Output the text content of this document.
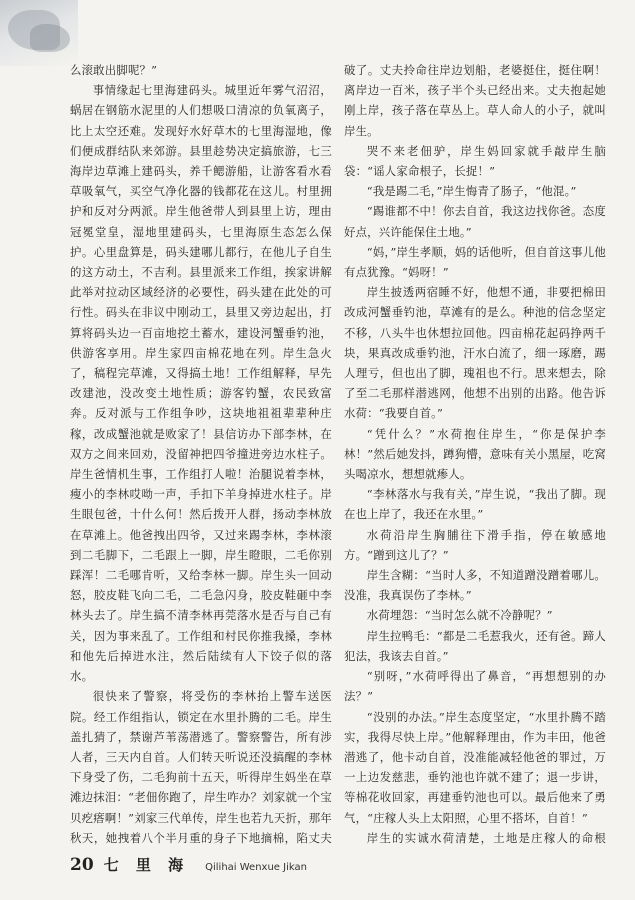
么滚敢出脚呢？”

事情缘起七里海建码头。城里近年雾气沼沼，蜗居在钢筋水泥里的人们想吸口清凉的负氧离子，比上太空还难。发现好水好草木的七里海湿地，像们便成群结队来郊游。县里趁势决定搞旅游，七三海岸边草滩上建码头，养千鳃游船，让游客看水看草吸氧气，买空气净化器的钱都花在这儿。村里拥护和反对分两派。岸生他爸带人到县里上访，理由冠冕堂皇，湿地里建码头，七里海原生态怎么保护。心里盘算是，码头建哪儿都行，在他儿子自生的这方动土，不吉利。县里派来工作组，挨家讲解此举对拉动区域经济的必要性，码头建在此处的可行性。码头在非议中刚动工，县里又旁边起出，打算将码头边一百亩地挖土蓄水，建设河蟹垂钓池，供游客享用。岸生家四亩棉花地在列。岸生急火了，稿程完草滩，又得搞土地！工作组解释，早先改建池，没改变土地性质；游客钓蟹，农民致富奔。反对派与工作组争吵，这块地祖祖辈辈种庄稼，改成蟹池就是败家了！县信访办下部李林，在双方之间来回劝，没留神把四爷撞进旁边水柱子。岸生爸情机生事，工作组打人啦！治腿说着李林，瘦小的李林哎呦一声，手扣下羊身掉进水柱子。岸生眼包爸，十什么何！然后拨开人群，扬动李林放在草滩上。他爸拽出四爷，又过来踢李林，李林滚到二毛脚下，二毛跟上一脚，岸生瞪眼，二毛你别踩浑！二毛哪肯听，又给李林一脚。岸生头一回动怒，胶皮鞋飞向二毛，二毛急闪身，胶皮鞋砸中李林头去了。岸生搞不清李林再莞落水是否与自己有关，因为事来乱了。工作组和村民你推我搡，李林和他先后掉进水注，然后陆续有人下饺子似的落水。

很快来了警察，将受伤的李林抬上警车送医院。经工作组指认，锁定在水里扑腾的二毛。岸生盖扎猜了，禁谢芦苇荡潜逃了。警察警告，所有涉人者，三天内自首。人们转天听说还没搞醒的李林下身受了伤，二毛狗前十五天，听得岸生妈坐在草滩边抹泪：“老佃你跑了，岸生咋办？刘家就一个宝贝疙瘩啊！”刘家三代单传，岸生也若九天折，那年秋天，她拽着八个半月重的身子下地摘棉，陷丈夫

破了。丈夫拎命往岸边划船，老婆挺住，挺住啊！离岸边一百米，孩子半个头已经出来。丈夫抱起她刚上岸，孩子落在草丛上。草人命人的小子，就叫岸生。

哭不来老佃驴，岸生妈回家就手敲岸生脑袋：“谣人家命根子，长捉！”

“我是踢二毛，”岸生悔青了肠子，“他混。”

“踢谁都不中！你去自首，我这边找你爸。态度好点，兴许能保住土地。”

“妈，”岸生孝顺，妈的话他听，但自首这事儿他有点犹豫。“妈呀！”

岸生披透两宿睡不好，他想不通，非要把棉田改成河蟹垂钓池，草滩有的是么。种池的信念坚定不移，八头牛也休想拉回他。四亩棉花起码挣两千块，果真改成垂钓池，汗水白流了，细一琢磨，踢人理亏，但也出了脚，瑰祖也不行。思来想去，除了至二毛那样潜逃网，他想不出别的出路。他告诉水荷：“我要自首。”

“凭什么？”水荷抱住岸生，“你是保护李林！”然后她发抖，蹲狗懵，意味有关小黑屋，吃窝头喝凉水，想想就瘆人。

“李林落水与我有关，”岸生说，“我出了脚。现在也上岸了，我还在水里。”

水荷沿岸生胸脯往下滑手指，停在敏感地方。“蹭到这儿了？”

岸生含糊：“当时人多，不知道蹭没蹭着哪儿。没准，我真误伤了李林。”

水荷埋怨：“当时怎么就不冷静呢？”

岸生拉鸭毛：“都是二毛惹我火，还有爸。蹄人犯法，我该去自首。”

“别呀，”水荷呼得出了鼻音，“再想想别的办法？”

“没别的办法。”岸生态度坚定，“水里扑腾不踏实，我得尽快上岸。”他解释理由，作为丰田，他爸潜逃了，他卡动自首，没准能减轻他爸的罪过，万一上边发慈悲，垂钓池也许就不建了；退一步讲，等棉花收回家，再建垂钓池也可以。最后他来了勇气，“庄稼人头上太阳照，心里不搭坏，自首！”

岸生的实诚水荷清楚，土地是庄稼人的命根

20 七 里 海 Qilihai Wenxue Jikan
